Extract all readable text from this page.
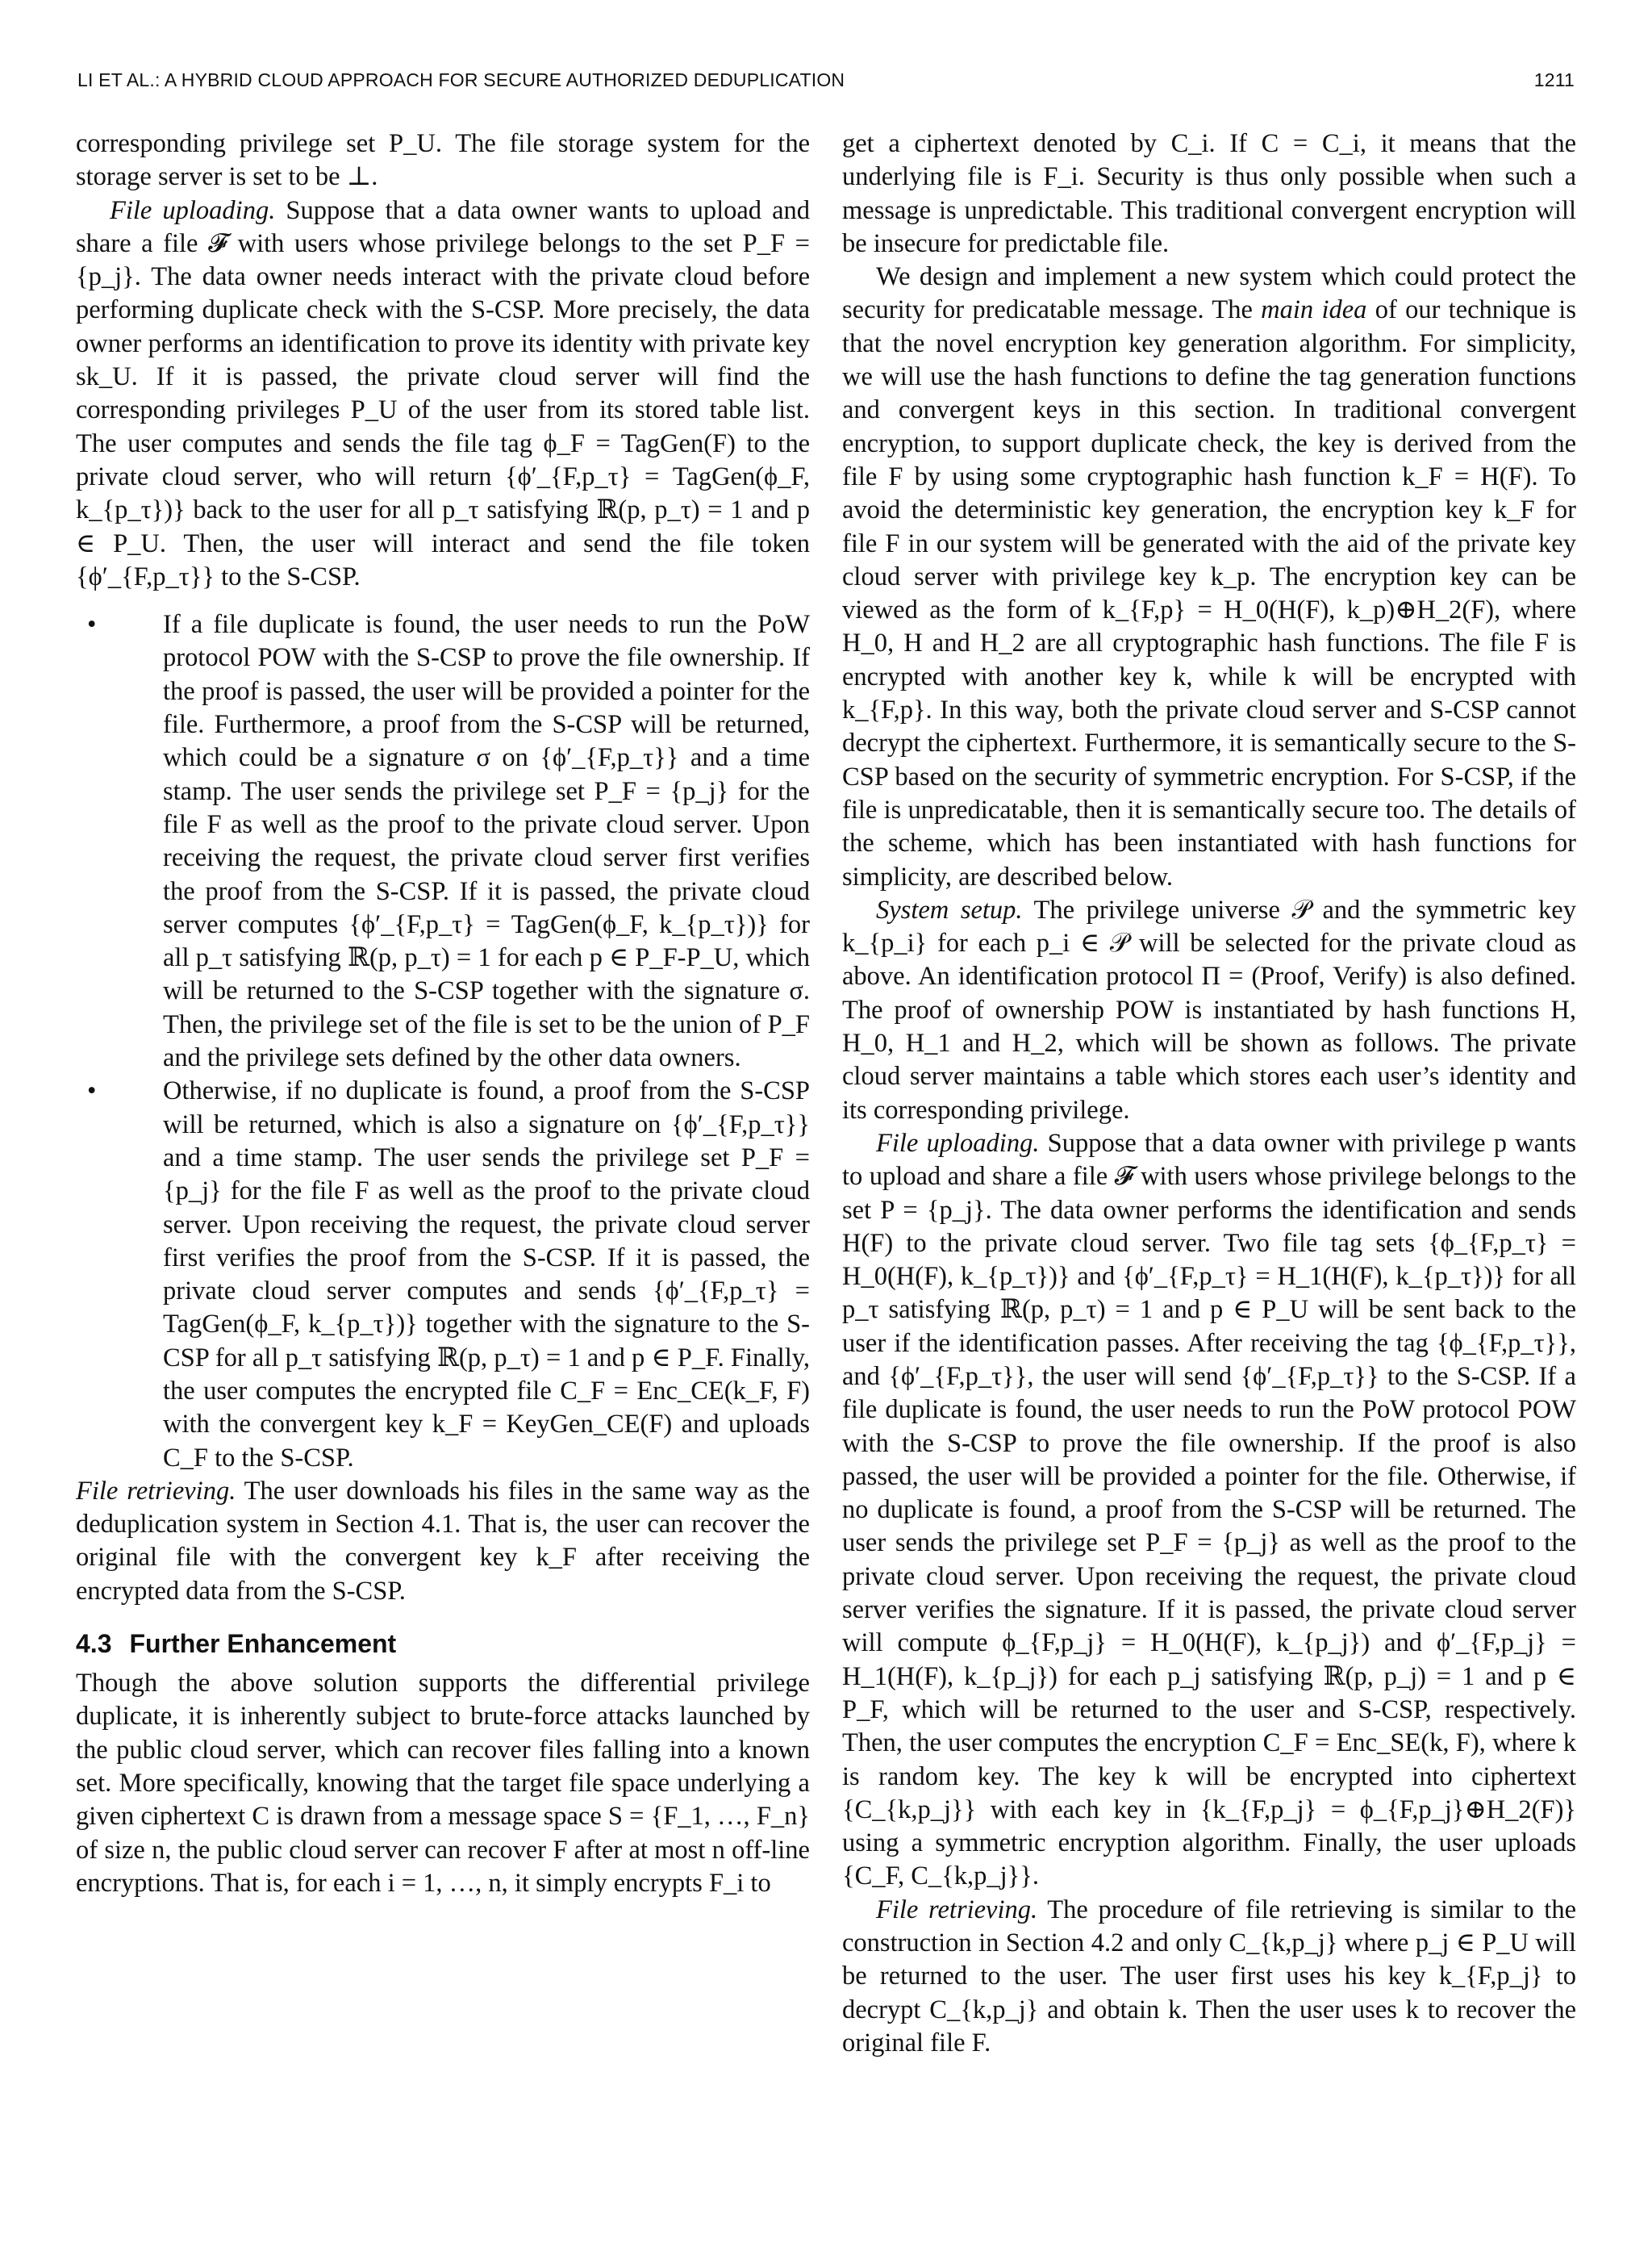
LI ET AL.: A HYBRID CLOUD APPROACH FOR SECURE AUTHORIZED DEDUPLICATION	1211

corresponding privilege set P_U. The file storage system for the storage server is set to be ⊥.

File uploading. Suppose that a data owner wants to upload and share a file 𝓕 with users whose privilege belongs to the set P_F = {p_j}. The data owner needs interact with the private cloud before performing duplicate check with the S-CSP. More precisely, the data owner performs an identification to prove its identity with private key sk_U. If it is passed, the private cloud server will find the corresponding privileges P_U of the user from its stored table list. The user computes and sends the file tag ϕ_F = TagGen(F) to the private cloud server, who will return {ϕ′_{F,p_τ} = TagGen(ϕ_F, k_{p_τ})} back to the user for all p_τ satisfying ℝ(p, p_τ) = 1 and p ∈ P_U. Then, the user will interact and send the file token {ϕ′_{F,p_τ}} to the S-CSP.

•	If a file duplicate is found, the user needs to run the PoW protocol POW with the S-CSP to prove the file ownership. If the proof is passed, the user will be provided a pointer for the file. Furthermore, a proof from the S-CSP will be returned, which could be a signature σ on {ϕ′_{F,p_τ}} and a time stamp. The user sends the privilege set P_F = {p_j} for the file F as well as the proof to the private cloud server. Upon receiving the request, the private cloud server first verifies the proof from the S-CSP. If it is passed, the private cloud server computes {ϕ′_{F,p_τ} = TagGen(ϕ_F, k_{p_τ})} for all p_τ satisfying ℝ(p, p_τ) = 1 for each p ∈ P_F-P_U, which will be returned to the S-CSP together with the signature σ. Then, the privilege set of the file is set to be the union of P_F and the privilege sets defined by the other data owners.
•	Otherwise, if no duplicate is found, a proof from the S-CSP will be returned, which is also a signature on {ϕ′_{F,p_τ}} and a time stamp. The user sends the privilege set P_F = {p_j} for the file F as well as the proof to the private cloud server. Upon receiving the request, the private cloud server first verifies the proof from the S-CSP. If it is passed, the private cloud server computes and sends {ϕ′_{F,p_τ} = TagGen(ϕ_F, k_{p_τ})} together with the signature to the S-CSP for all p_τ satisfying ℝ(p, p_τ) = 1 and p ∈ P_F. Finally, the user computes the encrypted file C_F = Enc_CE(k_F, F) with the convergent key k_F = KeyGen_CE(F) and uploads C_F to the S-CSP.

File retrieving. The user downloads his files in the same way as the deduplication system in Section 4.1. That is, the user can recover the original file with the convergent key k_F after receiving the encrypted data from the S-CSP.

4.3 Further Enhancement

Though the above solution supports the differential privilege duplicate, it is inherently subject to brute-force attacks launched by the public cloud server, which can recover files falling into a known set. More specifically, knowing that the target file space underlying a given ciphertext C is drawn from a message space S = {F_1, …, F_n} of size n, the public cloud server can recover F after at most n off-line encryptions. That is, for each i = 1, …, n, it simply encrypts F_i to

get a ciphertext denoted by C_i. If C = C_i, it means that the underlying file is F_i. Security is thus only possible when such a message is unpredictable. This traditional convergent encryption will be insecure for predictable file.

We design and implement a new system which could protect the security for predicatable message. The main idea of our technique is that the novel encryption key generation algorithm. For simplicity, we will use the hash functions to define the tag generation functions and convergent keys in this section. In traditional convergent encryption, to support duplicate check, the key is derived from the file F by using some cryptographic hash function k_F = H(F). To avoid the deterministic key generation, the encryption key k_F for file F in our system will be generated with the aid of the private key cloud server with privilege key k_p. The encryption key can be viewed as the form of k_{F,p} = H_0(H(F), k_p)⊕H_2(F), where H_0, H and H_2 are all cryptographic hash functions. The file F is encrypted with another key k, while k will be encrypted with k_{F,p}. In this way, both the private cloud server and S-CSP cannot decrypt the ciphertext. Furthermore, it is semantically secure to the S-CSP based on the security of symmetric encryption. For S-CSP, if the file is unpredicatable, then it is semantically secure too. The details of the scheme, which has been instantiated with hash functions for simplicity, are described below.

System setup. The privilege universe 𝒫 and the symmetric key k_{p_i} for each p_i ∈ 𝒫 will be selected for the private cloud as above. An identification protocol Π = (Proof, Verify) is also defined. The proof of ownership POW is instantiated by hash functions H, H_0, H_1 and H_2, which will be shown as follows. The private cloud server maintains a table which stores each user’s identity and its corresponding privilege.

File uploading. Suppose that a data owner with privilege p wants to upload and share a file 𝓕 with users whose privilege belongs to the set P = {p_j}. The data owner performs the identification and sends H(F) to the private cloud server. Two file tag sets {ϕ_{F,p_τ} = H_0(H(F), k_{p_τ})} and {ϕ′_{F,p_τ} = H_1(H(F), k_{p_τ})} for all p_τ satisfying ℝ(p, p_τ) = 1 and p ∈ P_U will be sent back to the user if the identification passes. After receiving the tag {ϕ_{F,p_τ}}, and {ϕ′_{F,p_τ}}, the user will send {ϕ′_{F,p_τ}} to the S-CSP. If a file duplicate is found, the user needs to run the PoW protocol POW with the S-CSP to prove the file ownership. If the proof is also passed, the user will be provided a pointer for the file. Otherwise, if no duplicate is found, a proof from the S-CSP will be returned. The user sends the privilege set P_F = {p_j} as well as the proof to the private cloud server. Upon receiving the request, the private cloud server verifies the signature. If it is passed, the private cloud server will compute ϕ_{F,p_j} = H_0(H(F), k_{p_j}) and ϕ′_{F,p_j} = H_1(H(F), k_{p_j}) for each p_j satisfying ℝ(p, p_j) = 1 and p ∈ P_F, which will be returned to the user and S-CSP, respectively. Then, the user computes the encryption C_F = Enc_SE(k, F), where k is random key. The key k will be encrypted into ciphertext {C_{k,p_j}} with each key in {k_{F,p_j} = ϕ_{F,p_j}⊕H_2(F)} using a symmetric encryption algorithm. Finally, the user uploads {C_F, C_{k,p_j}}.

File retrieving. The procedure of file retrieving is similar to the construction in Section 4.2 and only C_{k,p_j} where p_j ∈ P_U will be returned to the user. The user first uses his key k_{F,p_j} to decrypt C_{k,p_j} and obtain k. Then the user uses k to recover the original file F.
